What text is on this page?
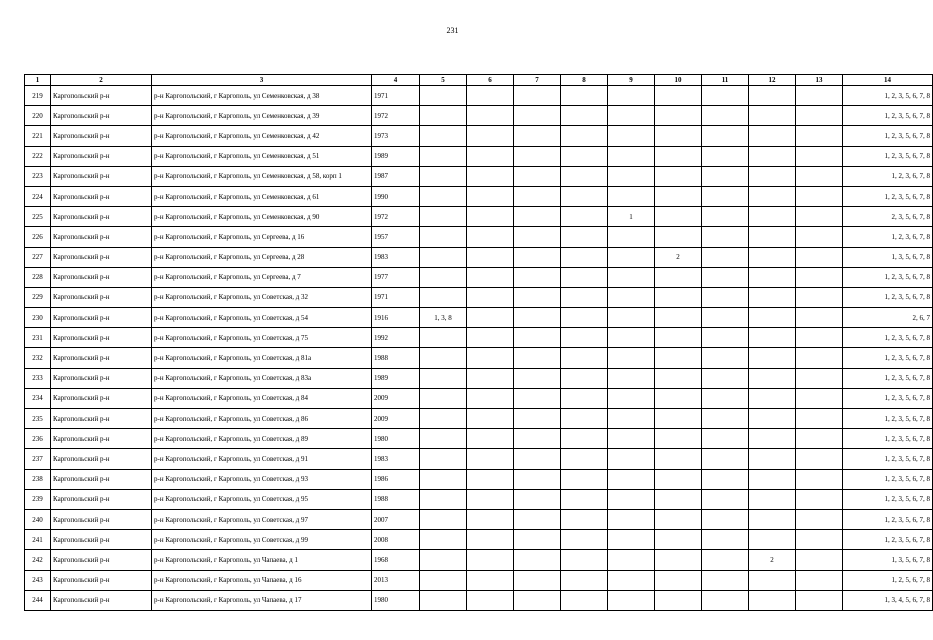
231
1	2	3	4	5	6	7	8	9	10	11	12	13	14
219	Каргопольский р-н	р-н Каргопольский, г Каргополь, ул Семенковская, д 38	1971										1, 2, 3, 5, 6, 7, 8
220	Каргопольский р-н	р-н Каргопольский, г Каргополь, ул Семенковская, д 39	1972										1, 2, 3, 5, 6, 7, 8
221	Каргопольский р-н	р-н Каргопольский, г Каргополь, ул Семенковская, д 42	1973										1, 2, 3, 5, 6, 7, 8
222	Каргопольский р-н	р-н Каргопольский, г Каргополь, ул Семенковская, д 51	1989										1, 2, 3, 5, 6, 7, 8
223	Каргопольский р-н	р-н Каргопольский, г Каргополь, ул Семенковская, д 58, корп 1	1987										1, 2, 3, 6, 7, 8
224	Каргопольский р-н	р-н Каргопольский, г Каргополь, ул Семенковская, д 61	1990										1, 2, 3, 5, 6, 7, 8
225	Каргопольский р-н	р-н Каргопольский, г Каргополь, ул Семенковская, д 90	1972					1					2, 3, 5, 6, 7, 8
226	Каргопольский р-н	р-н Каргопольский, г Каргополь, ул Сергеева, д 16	1957										1, 2, 3, 6, 7, 8
227	Каргопольский р-н	р-н Каргопольский, г Каргополь, ул Сергеева, д 28	1983						2				1, 3, 5, 6, 7, 8
228	Каргопольский р-н	р-н Каргопольский, г Каргополь, ул Сергеева, д 7	1977										1, 2, 3, 5, 6, 7, 8
229	Каргопольский р-н	р-н Каргопольский, г Каргополь, ул Советская, д 32	1971										1, 2, 3, 5, 6, 7, 8
230	Каргопольский р-н	р-н Каргопольский, г Каргополь, ул Советская, д 54	1916	1, 3, 8									2, 6, 7
231	Каргопольский р-н	р-н Каргопольский, г Каргополь, ул Советская, д 75	1992										1, 2, 3, 5, 6, 7, 8
232	Каргопольский р-н	р-н Каргопольский, г Каргополь, ул Советская, д 81а	1988										1, 2, 3, 5, 6, 7, 8
233	Каргопольский р-н	р-н Каргопольский, г Каргополь, ул Советская, д 83а	1989										1, 2, 3, 5, 6, 7, 8
234	Каргопольский р-н	р-н Каргопольский, г Каргополь, ул Советская, д 84	2009										1, 2, 3, 5, 6, 7, 8
235	Каргопольский р-н	р-н Каргопольский, г Каргополь, ул Советская, д 86	2009										1, 2, 3, 5, 6, 7, 8
236	Каргопольский р-н	р-н Каргопольский, г Каргополь, ул Советская, д 89	1980										1, 2, 3, 5, 6, 7, 8
237	Каргопольский р-н	р-н Каргопольский, г Каргополь, ул Советская, д 91	1983										1, 2, 3, 5, 6, 7, 8
238	Каргопольский р-н	р-н Каргопольский, г Каргополь, ул Советская, д 93	1986										1, 2, 3, 5, 6, 7, 8
239	Каргопольский р-н	р-н Каргопольский, г Каргополь, ул Советская, д 95	1988										1, 2, 3, 5, 6, 7, 8
240	Каргопольский р-н	р-н Каргопольский, г Каргополь, ул Советская, д 97	2007										1, 2, 3, 5, 6, 7, 8
241	Каргопольский р-н	р-н Каргопольский, г Каргополь, ул Советская, д 99	2008										1, 2, 3, 5, 6, 7, 8
242	Каргопольский р-н	р-н Каргопольский, г Каргополь, ул Чапаева, д 1	1968								2		1, 3, 5, 6, 7, 8
243	Каргопольский р-н	р-н Каргопольский, г Каргополь, ул Чапаева, д 16	2013										1, 2, 5, 6, 7, 8
244	Каргопольский р-н	р-н Каргопольский, г Каргополь, ул Чапаева, д 17	1980										1, 3, 4, 5, 6, 7, 8
